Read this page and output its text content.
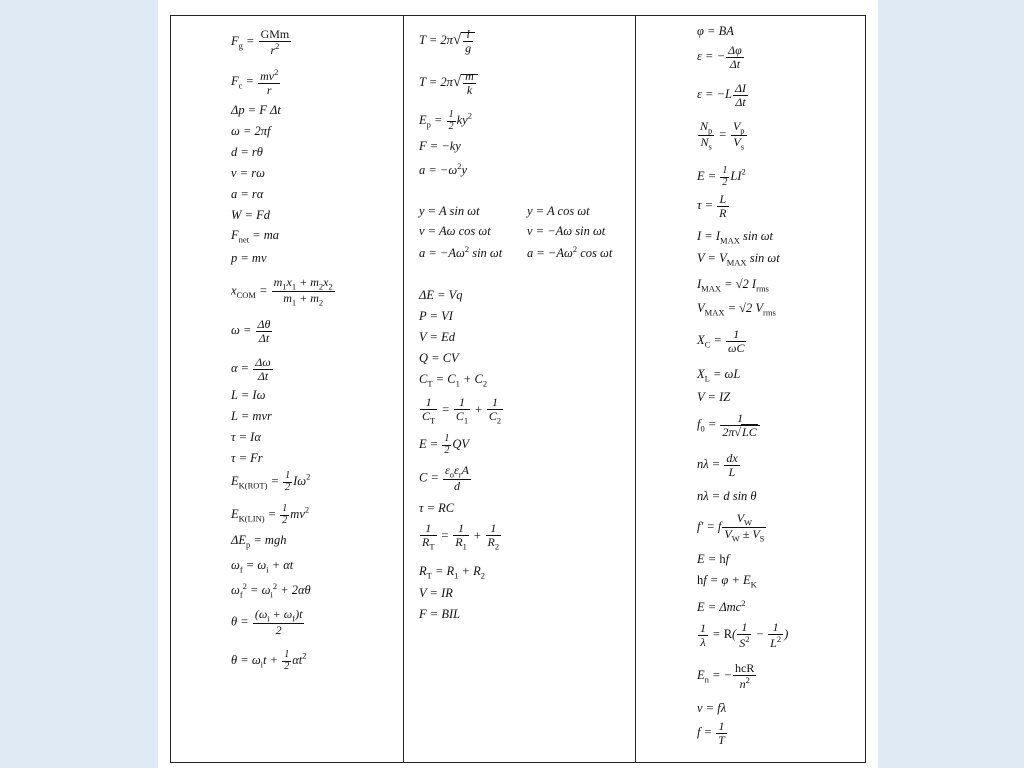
$F_g = \frac{\text{GMm}}{r^2}$
$F_c = \frac{mv^2}{r}$
Δp = F Δt
ω = 2πf
d = rθ
v = rω
a = rα
W = Fd
$F_{net}$ = ma
p = mv
$x_{COM} = \frac{m_1x_1 + m_2x_2}{m_1 + m_2}$
$\omega = \frac{\Delta\theta}{\Delta t}$
$\alpha = \frac{\Delta\omega}{\Delta t}$
L = Iω
L = mvr
τ = Iα
τ = Fr
$E_{K(ROT)} = \frac{1}{2} I\omega^2$
$E_{K(LIN)} = \frac{1}{2} mv^2$
$\Delta E_p$ = mgh
$\omega_f = \omega_i + \alpha t$
$\omega_f^2 = \omega_i^2 + 2\alpha\theta$
$\theta = \frac{(\omega_i + \omega_f)t}{2}$
$\theta = \omega_it + \frac{1}{2} \alpha t^2$
$T = 2\pi√ \frac{l}{g}$
$T = 2\pi√ \frac{m}{k}$
$E_p = \frac{1}{2} ky^2$
F = −ky
$a = -\omega^2y$
y = A sin ωt	y = A cos ωt
v = Aω cos ωt	v = −Aω sin ωt
$a = -A\omega^2$ sin ωt $a = -A\omega^2$ cos ωt
ΔE = Vq
P = VI
V = Ed
Q = CV
$C_T = C_1 + C_2$
$\frac{1}{C_T} = \frac{1}{C_1} + \frac{1}{C_2}$
$E = \frac{1}{2}$ QV
$C = \frac{\varepsilon_o\varepsilon_rA}{d}$
τ = RC
$\frac{1}{R_T} = \frac{1}{R_1} + \frac{1}{R_2}$
$R_T = R_1 + R_2$
V = IR
F = BIL
φ = BA
ε = − $\frac{\Delta\varphi}{\Delta t}$
$\varepsilon = -L \frac{\Delta I}{\Delta t}$
$\frac{N_p}{N_s} = \frac{V_p}{V_s}$
$E = \frac{1}{2} LI^2$
$\tau = \frac{L}{R}$
$I = I_{MAX}$ sin ωt
$V = V_{MAX}$ sin ωt
$I_{MAX} = √2$ $I_{rms}$
$V_{MAX} = √2$ $V_{rms}$
$X_C = \frac{1}{\omega C}$
$X_L = \omega L$
V = IZ
$f_0 = \frac{1}{2\pi√LC}$
$n\lambda = \frac{dx}{L}$
nλ = d sin θ
f′ = f $\frac{V_W}{V_W \pm V_S}$
E = hf
hf = $\varphi + E_K$
E = Δmc$^2$
$\frac{1}{\lambda} = R( \frac{1}{S^2} - \frac{1}{L^2}$ )
$E_n$ = − $\frac{\text{hcR}}{n^2}$
v = fλ
$f = \frac{1}{T}$
